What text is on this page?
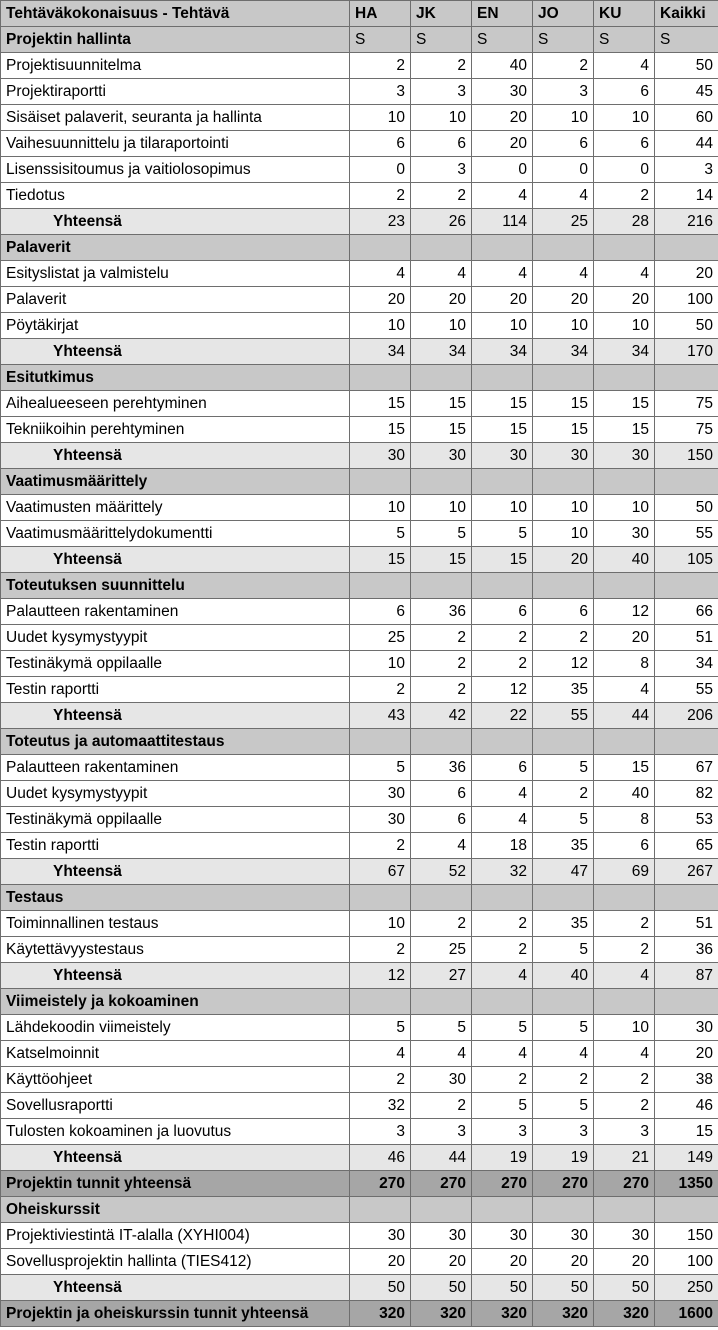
Tehtäväkokonaisuus - Tehtävä	HA	JK	EN	JO	KU	Kaikki
Projektin hallinta	S	S	S	S	S	S
Projektisuunnitelma	2	2	40	2	4	50
Projektiraportti	3	3	30	3	6	45
Sisäiset palaverit, seuranta ja hallinta	10	10	20	10	10	60
Vaihesuunnittelu ja tilaraportointi	6	6	20	6	6	44
Lisenssisitoumus ja vaitiolosopimus	0	3	0	0	0	3
Tiedotus	2	2	4	4	2	14
Yhteensä	23	26	114	25	28	216
Palaverit						
Esityslistat ja valmistelu	4	4	4	4	4	20
Palaverit	20	20	20	20	20	100
Pöytäkirjat	10	10	10	10	10	50
Yhteensä	34	34	34	34	34	170
Esitutkimus						
Aihealueeseen perehtyminen	15	15	15	15	15	75
Tekniikoihin perehtyminen	15	15	15	15	15	75
Yhteensä	30	30	30	30	30	150
Vaatimusmäärittely						
Vaatimusten määrittely	10	10	10	10	10	50
Vaatimusmäärittelydokumentti	5	5	5	10	30	55
Yhteensä	15	15	15	20	40	105
Toteutuksen suunnittelu						
Palautteen rakentaminen	6	36	6	6	12	66
Uudet kysymystyypit	25	2	2	2	20	51
Testinäkymä oppilaalle	10	2	2	12	8	34
Testin raportti	2	2	12	35	4	55
Yhteensä	43	42	22	55	44	206
Toteutus ja automaattitestaus						
Palautteen rakentaminen	5	36	6	5	15	67
Uudet kysymystyypit	30	6	4	2	40	82
Testinäkymä oppilaalle	30	6	4	5	8	53
Testin raportti	2	4	18	35	6	65
Yhteensä	67	52	32	47	69	267
Testaus						
Toiminnallinen testaus	10	2	2	35	2	51
Käytettävyystestaus	2	25	2	5	2	36
Yhteensä	12	27	4	40	4	87
Viimeistely ja kokoaminen						
Lähdekoodin viimeistely	5	5	5	5	10	30
Katselmoinnit	4	4	4	4	4	20
Käyttöohjeet	2	30	2	2	2	38
Sovellusraportti	32	2	5	5	2	46
Tulosten kokoaminen ja luovutus	3	3	3	3	3	15
Yhteensä	46	44	19	19	21	149
Projektin tunnit yhteensä	270	270	270	270	270	1350
Oheiskurssit						
Projektiviestintä IT-alalla (XYHI004)	30	30	30	30	30	150
Sovellusprojektin hallinta (TIES412)	20	20	20	20	20	100
Yhteensä	50	50	50	50	50	250
Projektin ja oheiskurssin tunnit yhteensä	320	320	320	320	320	1600
